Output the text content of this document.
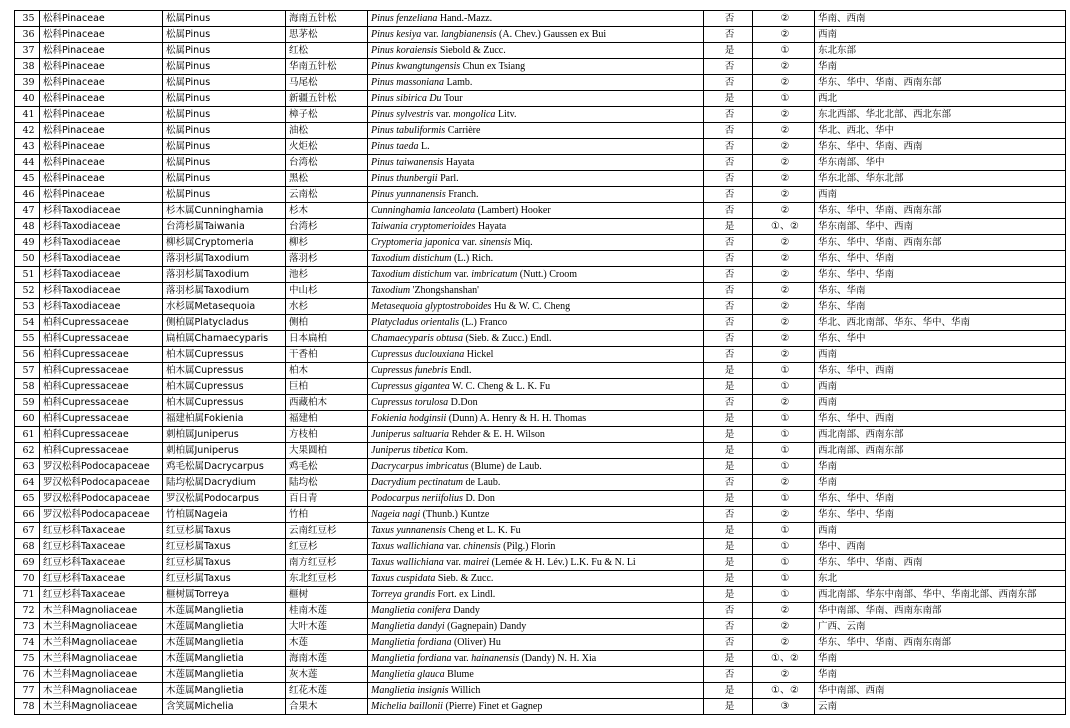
35	松科Pinaceae	松属Pinus	海南五针松	Pinus fenzeliana Hand.-Mazz.	否	②	华南、西南
36	松科Pinaceae	松属Pinus	思茅松	Pinus kesiya var. langbianensis (A. Chev.) Gaussen ex Bui	否	②	西南
37	松科Pinaceae	松属Pinus	红松	Pinus koraiensis Siebold & Zucc.	是	①	东北东部
38	松科Pinaceae	松属Pinus	华南五针松	Pinus kwangtungensis Chun ex Tsiang	否	②	华南
39	松科Pinaceae	松属Pinus	马尾松	Pinus massoniana Lamb.	否	②	华东、华中、华南、西南东部
40	松科Pinaceae	松属Pinus	新疆五针松	Pinus sibirica Du Tour	是	①	西北
41	松科Pinaceae	松属Pinus	樟子松	Pinus sylvestris var. mongolica Litv.	否	②	东北西部、华北北部、西北东部
42	松科Pinaceae	松属Pinus	油松	Pinus tabuliformis Carrière	否	②	华北、西北、华中
43	松科Pinaceae	松属Pinus	火炬松	Pinus taeda L.	否	②	华东、华中、华南、西南
44	松科Pinaceae	松属Pinus	台湾松	Pinus taiwanensis Hayata	否	②	华东南部、华中
45	松科Pinaceae	松属Pinus	黑松	Pinus thunbergii Parl.	否	②	华东北部、华东北部
46	松科Pinaceae	松属Pinus	云南松	Pinus yunnanensis Franch.	否	②	西南
47	杉科Taxodiaceae	杉木属Cunninghamia	杉木	Cunninghamia lanceolata (Lambert) Hooker	否	②	华东、华中、华南、西南东部
48	杉科Taxodiaceae	台湾杉属Taiwania	台湾杉	Taiwania cryptomerioides Hayata	是	①、②	华东南部、华中、西南
49	杉科Taxodiaceae	柳杉属Cryptomeria	柳杉	Cryptomeria japonica var. sinensis Miq.	否	②	华东、华中、华南、西南东部
50	杉科Taxodiaceae	落羽杉属Taxodium	落羽杉	Taxodium distichum (L.) Rich.	否	②	华东、华中、华南
51	杉科Taxodiaceae	落羽杉属Taxodium	池杉	Taxodium distichum var. imbricatum (Nutt.) Croom	否	②	华东、华中、华南
52	杉科Taxodiaceae	落羽杉属Taxodium	中山杉	Taxodium 'Zhongshanshan'	否	②	华东、华南
53	杉科Taxodiaceae	水杉属Metasequoia	水杉	Metasequoia glyptostroboides Hu & W. C. Cheng	否	②	华东、华南
54	柏科Cupressaceae	侧柏属Platycladus	侧柏	Platycladus orientalis (L.) Franco	否	②	华北、西北南部、华东、华中、华南
55	柏科Cupressaceae	扁柏属Chamaecyparis	日本扁柏	Chamaecyparis obtusa (Sieb. & Zucc.) Endl.	否	②	华东、华中
56	柏科Cupressaceae	柏木属Cupressus	干香柏	Cupressus duclouxiana Hickel	否	②	西南
57	柏科Cupressaceae	柏木属Cupressus	柏木	Cupressus funebris Endl.	是	①	华东、华中、西南
58	柏科Cupressaceae	柏木属Cupressus	巨柏	Cupressus gigantea W. C. Cheng & L. K. Fu	是	①	西南
59	柏科Cupressaceae	柏木属Cupressus	西藏柏木	Cupressus torulosa D.Don	否	②	西南
60	柏科Cupressaceae	福建柏属Fokienia	福建柏	Fokienia hodginsii (Dunn) A. Henry & H. H. Thomas	是	①	华东、华中、西南
61	柏科Cupressaceae	刺柏属Juniperus	方枝柏	Juniperus saltuaria Rehder & E. H. Wilson	是	①	西北南部、西南东部
62	柏科Cupressaceae	刺柏属Juniperus	大果圆柏	Juniperus tibetica Kom.	是	①	西北南部、西南东部
63	罗汉松科Podocapaceae	鸡毛松属Dacrycarpus	鸡毛松	Dacrycarpus imbricatus (Blume) de Laub.	是	①	华南
64	罗汉松科Podocapaceae	陆均松属Dacrydium	陆均松	Dacrydium pectinatum de Laub.	否	②	华南
65	罗汉松科Podocapaceae	罗汉松属Podocarpus	百日青	Podocarpus neriifolius D. Don	是	①	华东、华中、华南
66	罗汉松科Podocapaceae	竹柏属Nageia	竹柏	Nageia nagi (Thunb.) Kuntze	否	②	华东、华中、华南
67	红豆杉科Taxaceae	红豆杉属Taxus	云南红豆杉	Taxus yunnanensis Cheng et L. K. Fu	是	①	西南
68	红豆杉科Taxaceae	红豆杉属Taxus	红豆杉	Taxus wallichiana var. chinensis (Pilg.) Florin	是	①	华中、西南
69	红豆杉科Taxaceae	红豆杉属Taxus	南方红豆杉	Taxus wallichiana var. mairei (Lemée & H. Lév.) L.K. Fu & N. Li	是	①	华东、华中、华南、西南
70	红豆杉科Taxaceae	红豆杉属Taxus	东北红豆杉	Taxus cuspidata Sieb. & Zucc.	是	①	东北
71	红豆杉科Taxaceae	榧树属Torreya	榧树	Torreya grandis Fort. ex Lindl.	是	①	西北南部、华东中南部、华中、华南北部、西南东部
72	木兰科Magnoliaceae	木莲属Manglietia	桂南木莲	Manglietia conifera Dandy	否	②	华中南部、华南、西南东南部
73	木兰科Magnoliaceae	木莲属Manglietia	大叶木莲	Manglietia dandyi (Gagnepain) Dandy	否	②	广西、云南
74	木兰科Magnoliaceae	木莲属Manglietia	木莲	Manglietia fordiana (Oliver) Hu	否	②	华东、华中、华南、西南东南部
75	木兰科Magnoliaceae	木莲属Manglietia	海南木莲	Manglietia fordiana var. hainanensis (Dandy) N. H. Xia	是	①、②	华南
76	木兰科Magnoliaceae	木莲属Manglietia	灰木莲	Manglietia glauca Blume	否	②	华南
77	木兰科Magnoliaceae	木莲属Manglietia	红花木莲	Manglietia insignis Willich	是	①、②	华中南部、西南
78	木兰科Magnoliaceae	含笑属Michelia	合果木	Michelia baillonii (Pierre) Finet et Gagnep	是	③	云南
